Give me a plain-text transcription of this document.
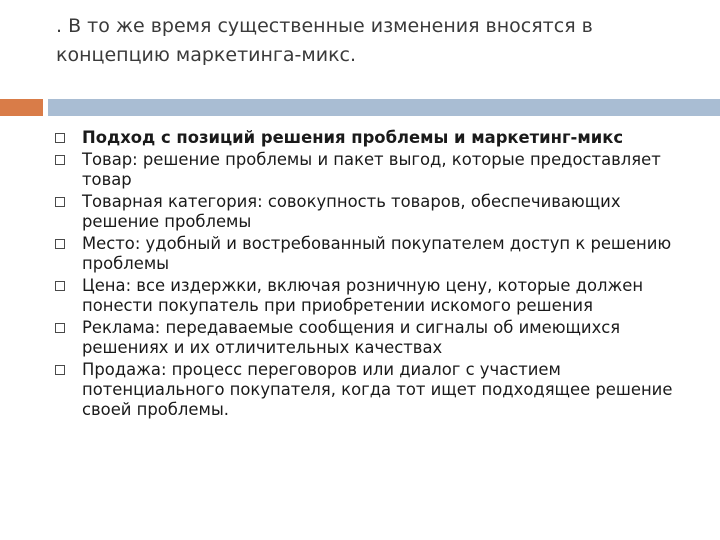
. В то же время существенные изменения вносятся в концепцию маркетинга-микс.
Подход с позиций решения проблемы и маркетинг-микс
Товар: решение проблемы и пакет выгод, которые предоставляет товар
Товарная категория: совокупность товаров, обеспечивающих решение проблемы
Место: удобный и востребованный покупателем доступ к решению проблемы
Цена: все издержки, включая розничную цену, которые должен понести покупатель при приобретении искомого решения
Реклама: передаваемые сообщения и сигналы об имеющихся решениях и их отличительных качествах
Продажа: процесс переговоров или диалог с участием потенциального покупателя, когда тот ищет подходящее решение своей проблемы.
